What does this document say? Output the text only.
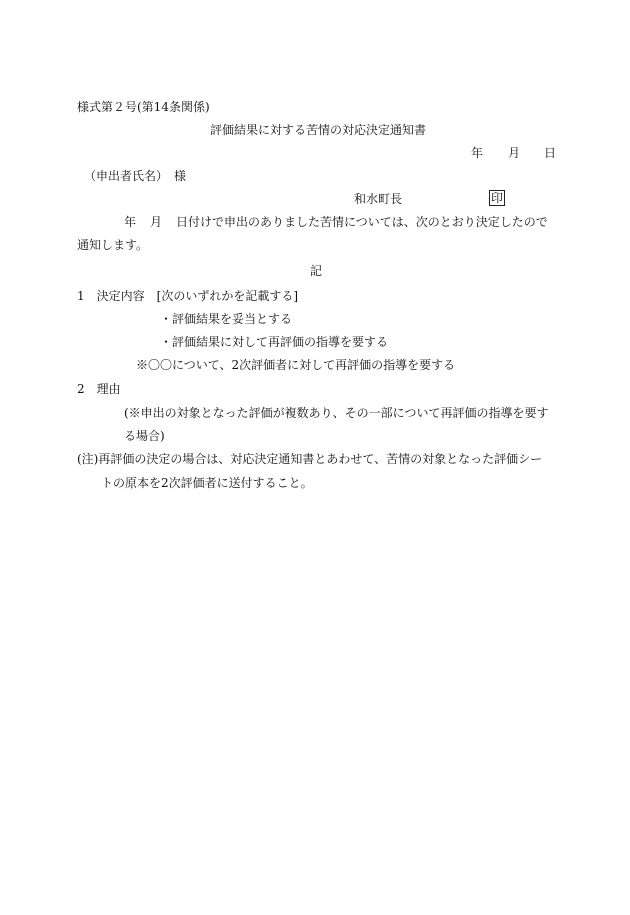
様式第２号(第14条関係)
評価結果に対する苦情の対応決定通知書
年 月 日
（申出者氏名）　様
和水町長	印
年 月 日付けで申出のありました苦情については、次のとおり決定したので
通知します。
記
1　決定内容　[次のいずれかを記載する]
・評価結果を妥当とする
・評価結果に対して再評価の指導を要する
※〇〇について、2次評価者に対して再評価の指導を要する
2　理由
(※申出の対象となった評価が複数あり、その一部について再評価の指導を要す
る場合)
(注)再評価の決定の場合は、対応決定通知書とあわせて、苦情の対象となった評価シー
トの原本を2次評価者に送付すること。
